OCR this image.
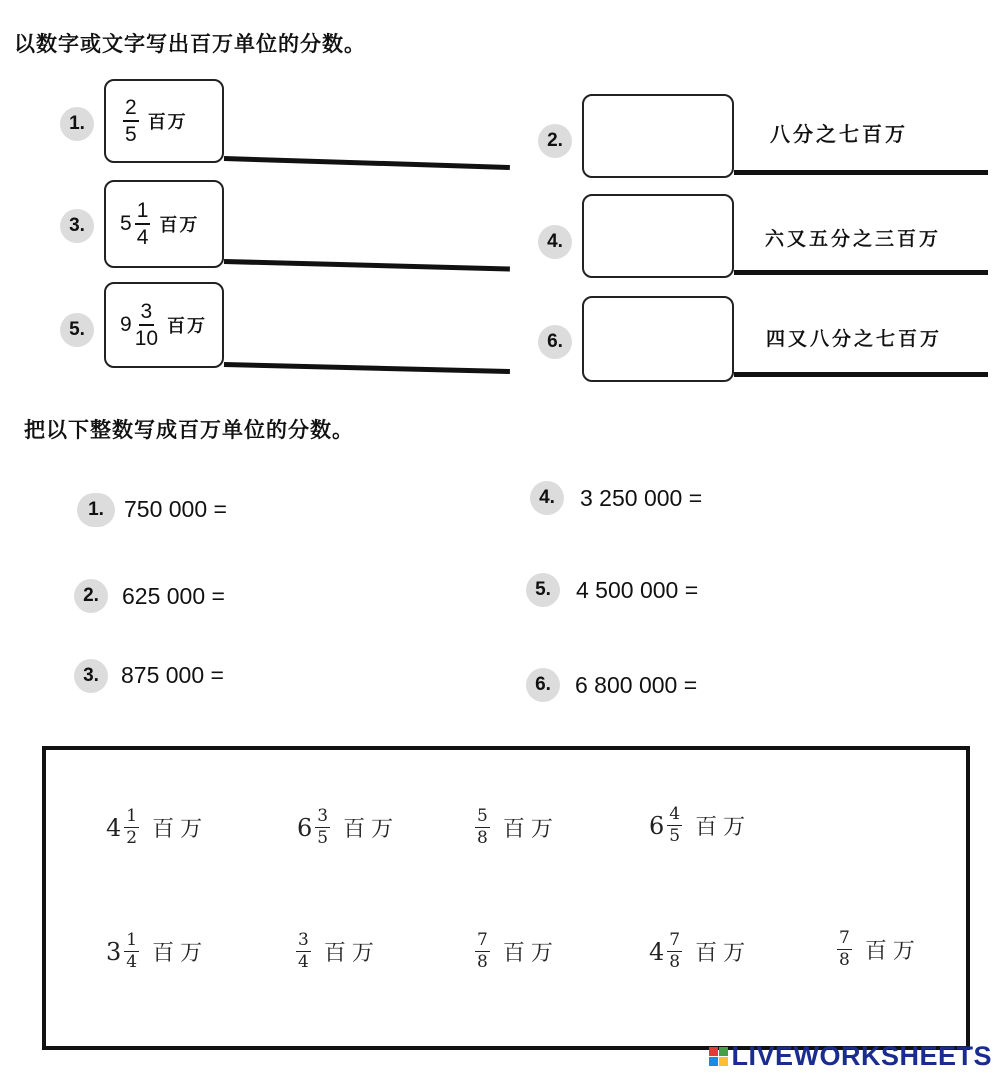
以数字或文字写出百万单位的分数。
1.	$\frac{2}{5}$ 百万
3.	$5 \frac{1}{4}$ 百万
5.	$9 \frac{3}{10}$ 百万
2.	八分之七百万
4.	六又五分之三百万
6.	四又八分之七百万
把以下整数写成百万单位的分数。
1. 750 000 =
2.	625 000 =
3. 875 000 =
4.	3 250 000 =
5.	4 500 000 =
6.	6 800 000 =
$4 \frac{1}{2}$ 百万	$6 \frac{3}{5}$ 百万	$\frac{5}{8}$ 百万	$6 \frac{4}{5}$ 百万
$3 \frac{1}{4}$ 百万	$\frac{3}{4}$ 百万	$\frac{7}{8}$ 百万	$4 \frac{7}{8}$ 百万	$\frac{7}{8}$ 百万
LIVEWORKSHEETS
